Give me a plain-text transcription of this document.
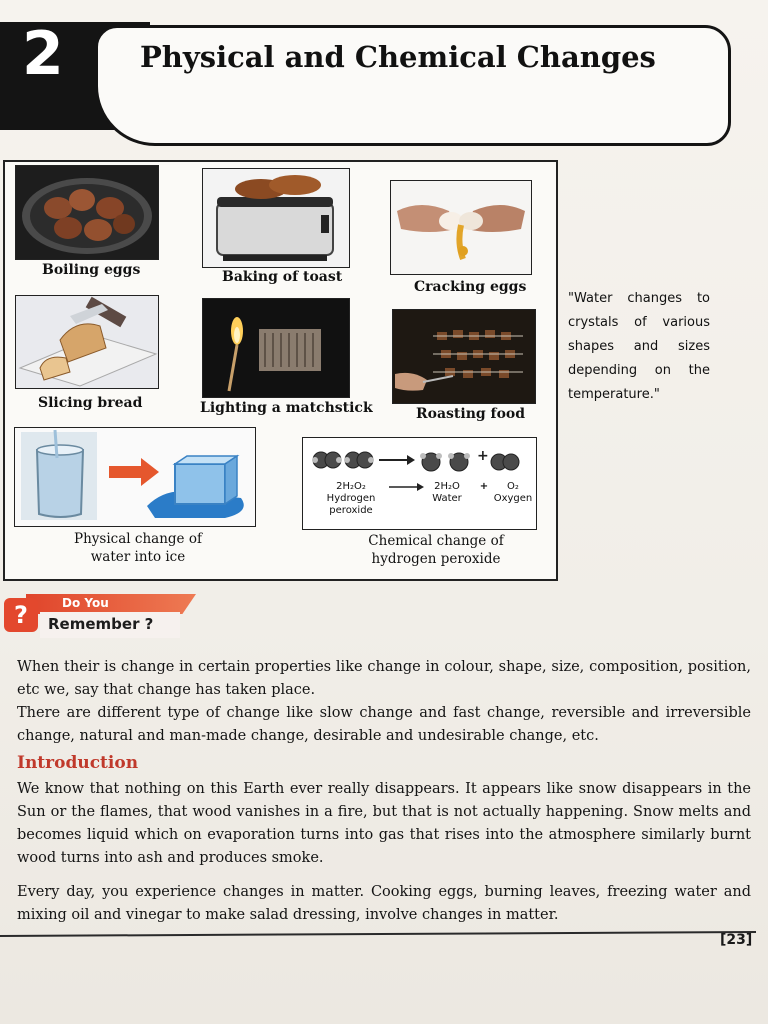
2	Physical and Chemical Changes
Boiling eggs	Baking of toast
Cracking eggs
Slicing bread	Lighting a matchstick	Roasting food
"Water changes to crystals of various shapes and sizes depending on the temperature."
Physical change of
water into ice
+
2H₂O₂
Hydrogen
peroxide
2H₂O
Water
+	O₂
Oxygen
Chemical change of
hydrogen peroxide
?	Do You
Remember ?
When their is change in certain properties like change in colour, shape, size, composition, position, etc we, say that change has taken place.
There are different type of change like slow change and fast change, reversible and irreversible change, natural and man-made change, desirable and undesirable change, etc.
Introduction
We know that nothing on this Earth ever really disappears. It appears like snow disappears in the Sun or the flames, that wood vanishes in a fire, but that is not actually happening. Snow melts and becomes liquid which on evaporation turns into gas that rises into the atmosphere similarly burnt wood turns into ash and produces smoke.
Every day, you experience changes in matter. Cooking eggs, burning leaves, freezing water and mixing oil and vinegar to make salad dressing, involve changes in matter.
[23]
